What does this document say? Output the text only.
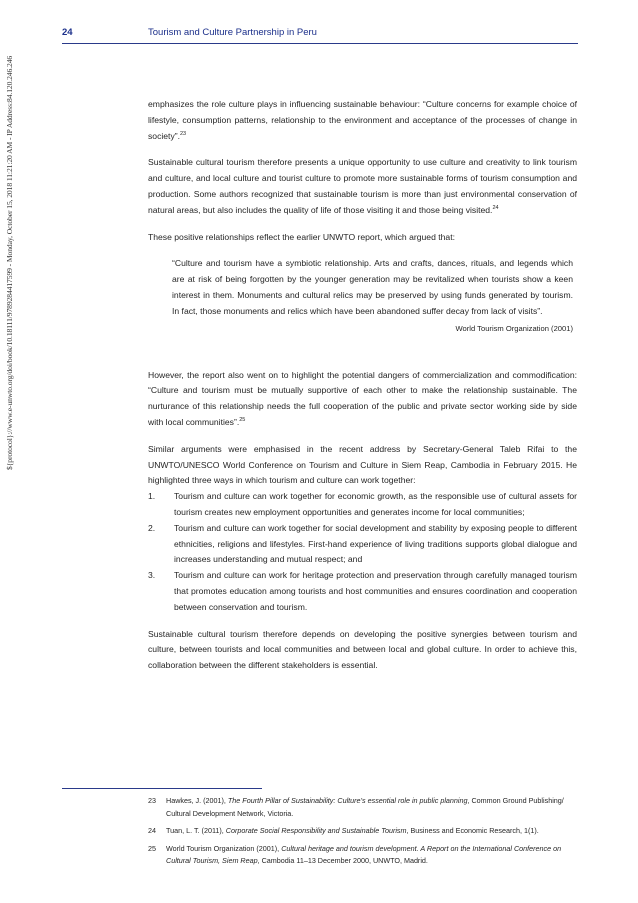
${protocol}://www.e-unwto.org/doi/book/10.18111/9789284417599 - Monday, October 15, 2018 11:21:20 AM - IP Address:84.120.246.246
24	Tourism and Culture Partnership in Peru

emphasizes the role culture plays in influencing sustainable behaviour: “Culture concerns for example choice of lifestyle, consumption patterns, relationship to the environment and acceptance of the processes of change in society”.$^{23}$

Sustainable cultural tourism therefore presents a unique opportunity to use culture and creativity to link tourism and culture, and local culture and tourist culture to promote more sustainable forms of tourism consumption and production. Some authors recognized that sustainable tourism is more than just environmental conservation of natural areas, but also includes the quality of life of those visiting it and those being visited.$^{24}$

These positive relationships reflect the earlier UNWTO report, which argued that:

“Culture and tourism have a symbiotic relationship. Arts and crafts, dances, rituals, and legends which are at risk of being forgotten by the younger generation may be revitalized when tourists show a keen interest in them. Monuments and cultural relics may be preserved by using funds generated by tourism. In fact, those monuments and relics which have been abandoned suffer decay from lack of visits”.

World Tourism Organization (2001)

However, the report also went on to highlight the potential dangers of commercialization and commodification: “Culture and tourism must be mutually supportive of each other to make the relationship sustainable. The nurturance of this relationship needs the full cooperation of the public and private sector working side by side with local communities”.$^{25}$

Similar arguments were emphasised in the recent address by Secretary-General Taleb Rifai to the UNWTO/UNESCO World Conference on Tourism and Culture in Siem Reap, Cambodia in February 2015. He highlighted three ways in which tourism and culture can work together:

1. Tourism and culture can work together for economic growth, as the responsible use of cultural assets for tourism creates new employment opportunities and generates income for local communities;
2. Tourism and culture can work together for social development and stability by exposing people to different ethnicities, religions and lifestyles. First-hand experience of living traditions supports global dialogue and increases understanding and mutual respect; and
3. Tourism and culture can work for heritage protection and preservation through carefully managed tourism that promotes education among tourists and host communities and ensures coordination and cooperation between conservation and tourism.

Sustainable cultural tourism therefore depends on developing the positive synergies between tourism and culture, between tourists and local communities and between local and global culture. In order to achieve this, collaboration between the different stakeholders is essential.

23 Hawkes, J. (2001), The Fourth Pillar of Sustainability: Culture’s essential role in public planning, Common Ground Publishing/ Cultural Development Network, Victoria.
24 Tuan, L. T. (2011), Corporate Social Responsibility and Sustainable Tourism, Business and Economic Research, 1(1).
25 World Tourism Organization (2001), Cultural heritage and tourism development. A Report on the International Conference on Cultural Tourism, Siem Reap, Cambodia 11–13 December 2000, UNWTO, Madrid.
